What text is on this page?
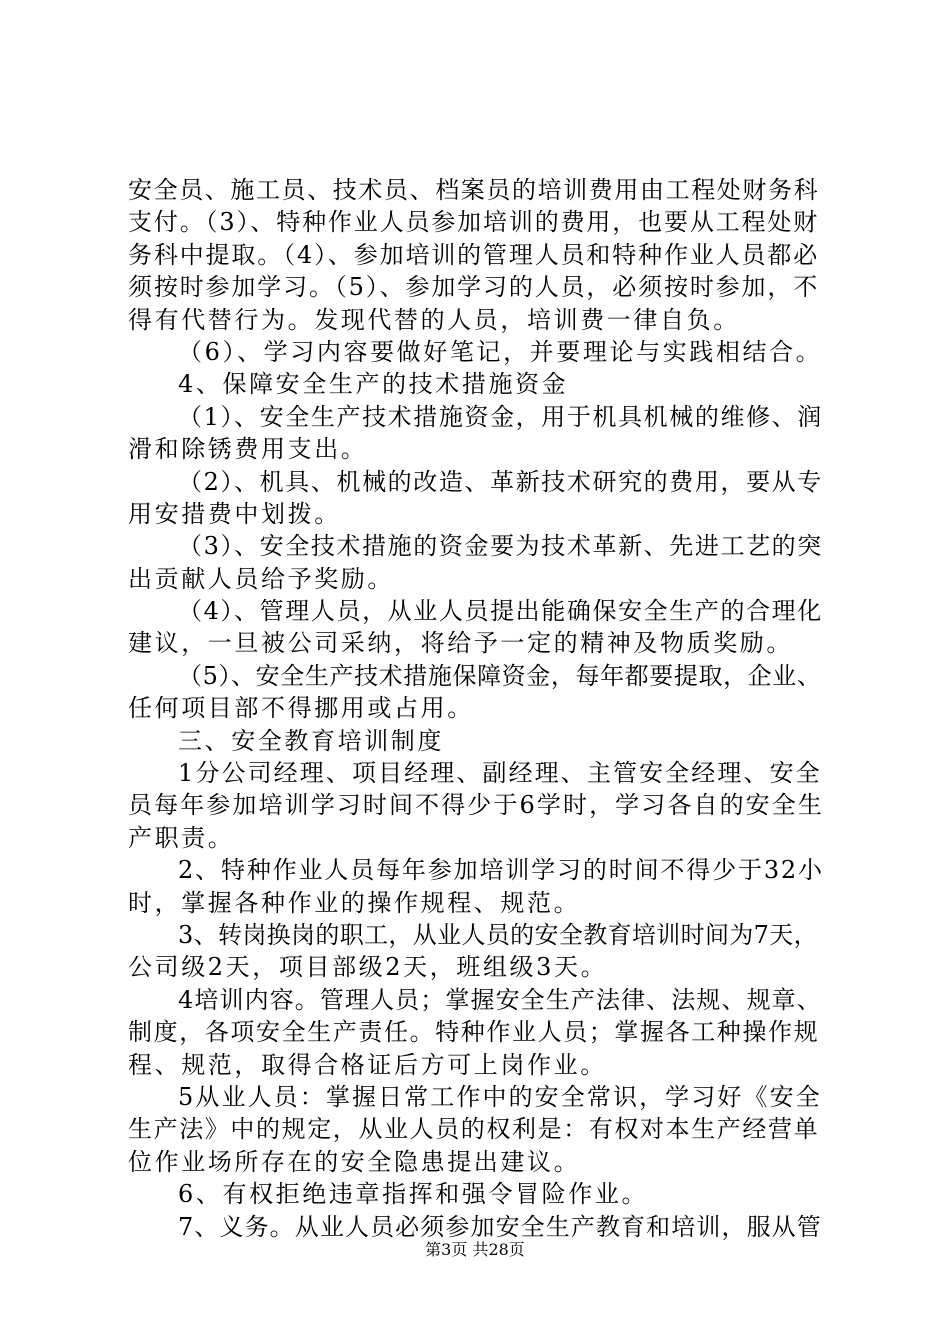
安全员、施工员、技术员、档案员的培训费用由工程处财务科
支付。（3）、特种作业人员参加培训的费用，也要从工程处财
务科中提取。（4）、参加培训的管理人员和特种作业人员都必
须按时参加学习。（5）、参加学习的人员，必须按时参加，不
得有代替行为。发现代替的人员，培训费一律自负。
（6）、学习内容要做好笔记，并要理论与实践相结合。
4、保障安全生产的技术措施资金
（1）、安全生产技术措施资金，用于机具机械的维修、润
滑和除锈费用支出。
（2）、机具、机械的改造、革新技术研究的费用，要从专
用安措费中划拨。
（3）、安全技术措施的资金要为技术革新、先进工艺的突
出贡献人员给予奖励。
（4）、管理人员，从业人员提出能确保安全生产的合理化
建议，一旦被公司采纳，将给予一定的精神及物质奖励。
（5）、安全生产技术措施保障资金，每年都要提取，企业、
任何项目部不得挪用或占用。
三、安全教育培训制度
1分公司经理、项目经理、副经理、主管安全经理、安全
员每年参加培训学习时间不得少于6学时，学习各自的安全生
产职责。
2、特种作业人员每年参加培训学习的时间不得少于32小
时，掌握各种作业的操作规程、规范。
3、转岗换岗的职工，从业人员的安全教育培训时间为7天，
公司级2天，项目部级2天，班组级3天。
4培训内容。管理人员；掌握安全生产法律、法规、规章、
制度，各项安全生产责任。特种作业人员；掌握各工种操作规
程、规范，取得合格证后方可上岗作业。
5从业人员：掌握日常工作中的安全常识，学习好《安全
生产法》中的规定，从业人员的权利是：有权对本生产经营单
位作业场所存在的安全隐患提出建议。
6、有权拒绝违章指挥和强令冒险作业。
7、义务。从业人员必须参加安全生产教育和培训，服从管
第3页 共28页
